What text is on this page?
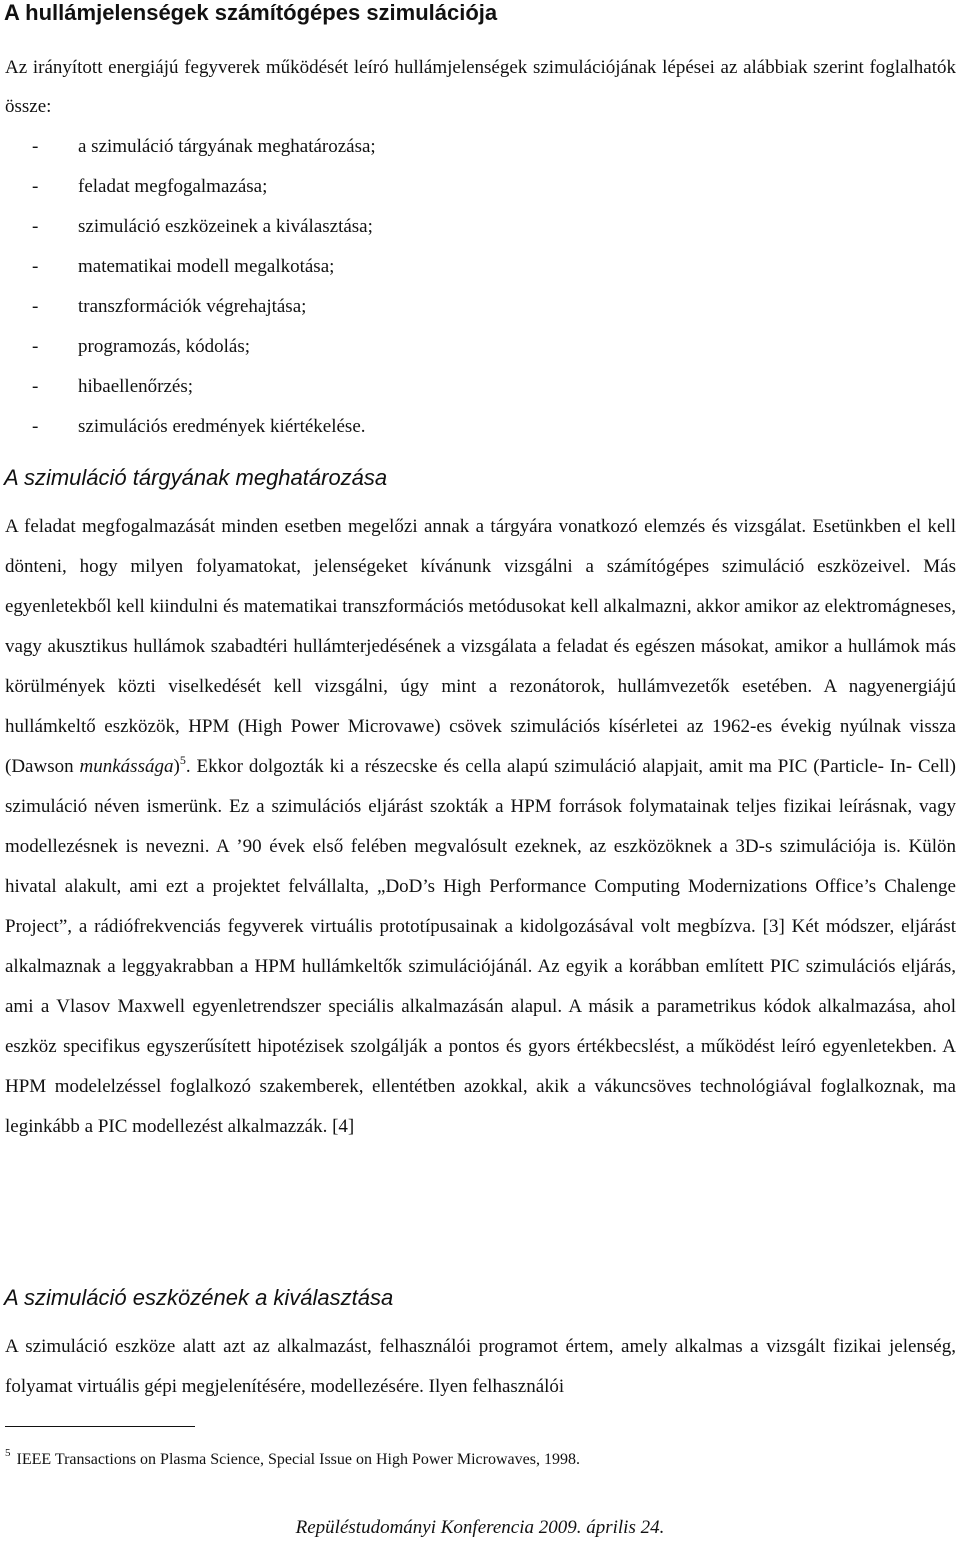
A hullámjelenségek számítógépes szimulációja

Az irányított energiájú fegyverek működését leíró hullámjelenségek szimulációjának lépései az alábbiak szerint foglalhatók össze:

- a szimuláció tárgyának meghatározása;
- feladat megfogalmazása;
- szimuláció eszközeinek a kiválasztása;
- matematikai modell megalkotása;
- transzformációk végrehajtása;
- programozás, kódolás;
- hibaellenőrzés;
- szimulációs eredmények kiértékelése.
A szimuláció tárgyának meghatározása

A feladat megfogalmazását minden esetben megelőzi annak a tárgyára vonatkozó elemzés és vizsgálat. Esetünkben el kell dönteni, hogy milyen folyamatokat, jelenségeket kívánunk vizsgálni a számítógépes szimuláció eszközeivel. Más egyenletekből kell kiindulni és matematikai transzformációs metódusokat kell alkalmazni, akkor amikor az elektromágneses, vagy akusztikus hullámok szabadtéri hullámterjedésének a vizsgálata a feladat és egészen másokat, amikor a hullámok más körülmények közti viselkedését kell vizsgálni, úgy mint a rezonátorok, hullámvezetők esetében. A nagyenergiájú hullámkeltő eszközök, HPM (High Power Microvawe) csövek szimulációs kísérletei az 1962-es évekig nyúlnak vissza (Dawson munkássága)$^5$. Ekkor dolgozták ki a részecske és cella alapú szimuláció alapjait, amit ma PIC (Particle- In- Cell) szimuláció néven ismerünk. Ez a szimulációs eljárást szokták a HPM források folymatainak teljes fizikai leírásnak, vagy modellezésnek is nevezni. A ’90 évek első felében megvalósult ezeknek, az eszközöknek a 3D-s szimulációja is. Külön hivatal alakult, ami ezt a projektet felvállalta, „DoD’s High Performance Computing Modernizations Office’s Chalenge Project”, a rádiófrekvenciás fegyverek virtuális prototípusainak a kidolgozásával volt megbízva. [3] Két módszer, eljárást alkalmaznak a leggyakrabban a HPM hullámkeltők szimulációjánál. Az egyik a korábban említett PIC szimulációs eljárás, ami a Vlasov Maxwell egyenletrendszer speciális alkalmazásán alapul. A másik a parametrikus kódok alkalmazása, ahol eszköz specifikus egyszerűsített hipotézisek szolgálják a pontos és gyors értékbecslést, a működést leíró egyenletekben. A HPM modelelzéssel foglalkozó szakemberek, ellentétben azokkal, akik a vákuncsöves technológiával foglalkoznak, ma leginkább a PIC modellezést alkalmazzák. [4]

A szimuláció eszközének a kiválasztása

A szimuláció eszköze alatt azt az alkalmazást, felhasználói programot értem, amely alkalmas a vizsgált fizikai jelenség, folyamat virtuális gépi megjelenítésére, modellezésére. Ilyen felhasználói

$^5$ IEEE Transactions on Plasma Science, Special Issue on High Power Microwaves, 1998.

Repüléstudományi Konferencia 2009. április 24.
